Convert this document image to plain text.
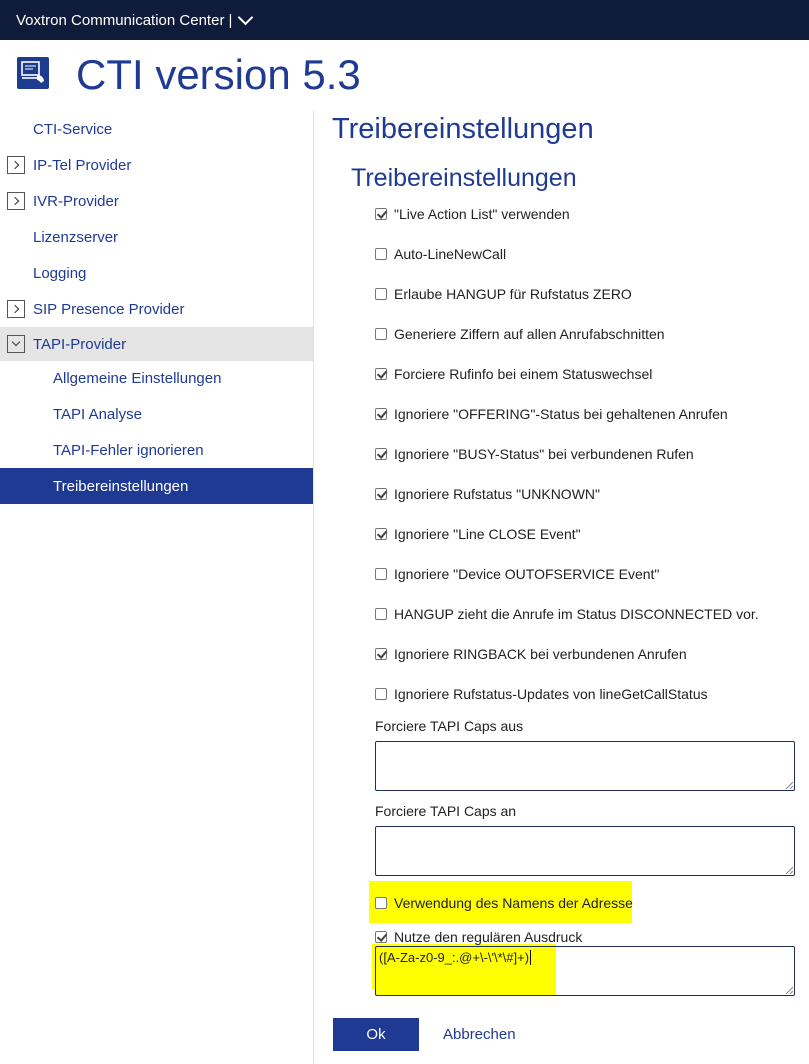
Voxtron Communication Center |
CTI version 5.3
CTI-Service
IP-Tel Provider
IVR-Provider
Lizenzserver
Logging
SIP Presence Provider
TAPI-Provider
Allgemeine Einstellungen
TAPI Analyse
TAPI-Fehler ignorieren
Treibereinstellungen
Treibereinstellungen
Treibereinstellungen
"Live Action List" verwenden
Auto-LineNewCall
Erlaube HANGUP für Rufstatus ZERO
Generiere Ziffern auf allen Anrufabschnitten
Forciere Rufinfo bei einem Statuswechsel
Ignoriere "OFFERING"-Status bei gehaltenen Anrufen
Ignoriere "BUSY-Status" bei verbundenen Rufen
Ignoriere Rufstatus "UNKNOWN"
Ignoriere "Line CLOSE Event"
Ignoriere "Device OUTOFSERVICE Event"
HANGUP zieht die Anrufe im Status DISCONNECTED vor.
Ignoriere RINGBACK bei verbundenen Anrufen
Ignoriere Rufstatus-Updates von lineGetCallStatus
Forciere TAPI Caps aus
Forciere TAPI Caps an
Verwendung des Namens der Adresse
Nutze den regulären Ausdruck
([A-Za-z0-9_:.@+\-\'\*\#]+)
Ok	Abbrechen
